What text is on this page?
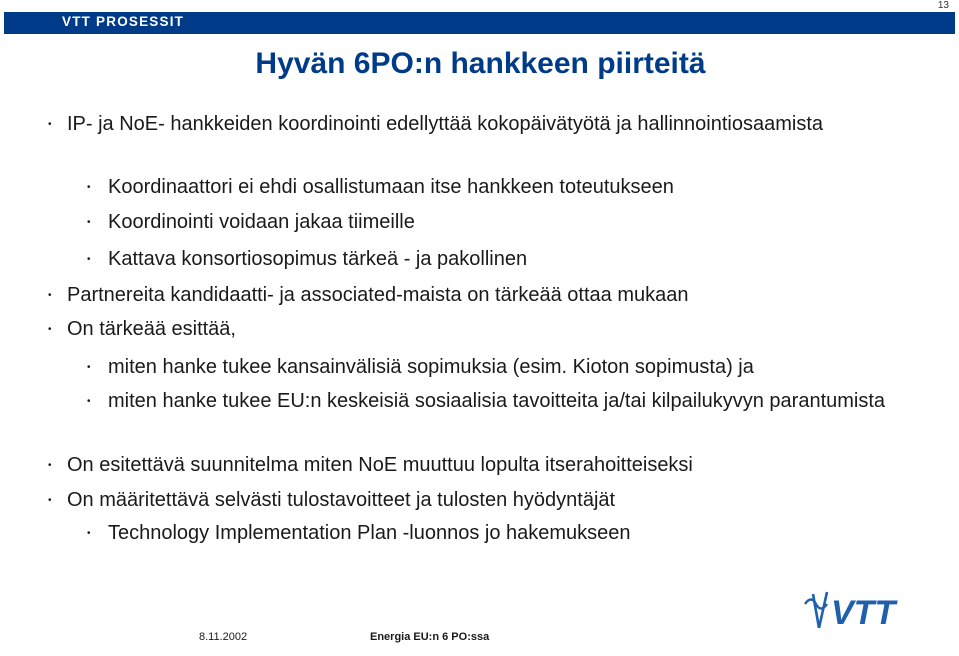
VTT PROSESSIT
13
Hyvän 6PO:n hankkeen piirteitä
• IP- ja NoE- hankkeiden koordinointi edellyttää kokopäivätyötä ja hallinnointiosaamista
• Koordinaattori ei ehdi osallistumaan itse hankkeen toteutukseen
• Koordinointi voidaan jakaa tiimeille
• Kattava konsortiosopimus tärkeä - ja pakollinen
• Partnereita kandidaatti- ja associated-maista on tärkeää ottaa mukaan
• On tärkeää esittää,
• miten hanke tukee kansainvälisiä sopimuksia (esim. Kioton sopimusta) ja
• miten hanke tukee EU:n keskeisiä sosiaalisia tavoitteita ja/tai kilpailukyvyn parantumista
• On esitettävä suunnitelma miten NoE muuttuu lopulta itserahoitteiseksi
• On määritettävä selvästi tulostavoitteet ja tulosten hyödyntäjät
• Technology Implementation Plan -luonnos jo hakemukseen
8.11.2002	Energia EU:n 6 PO:ssa
VTT
